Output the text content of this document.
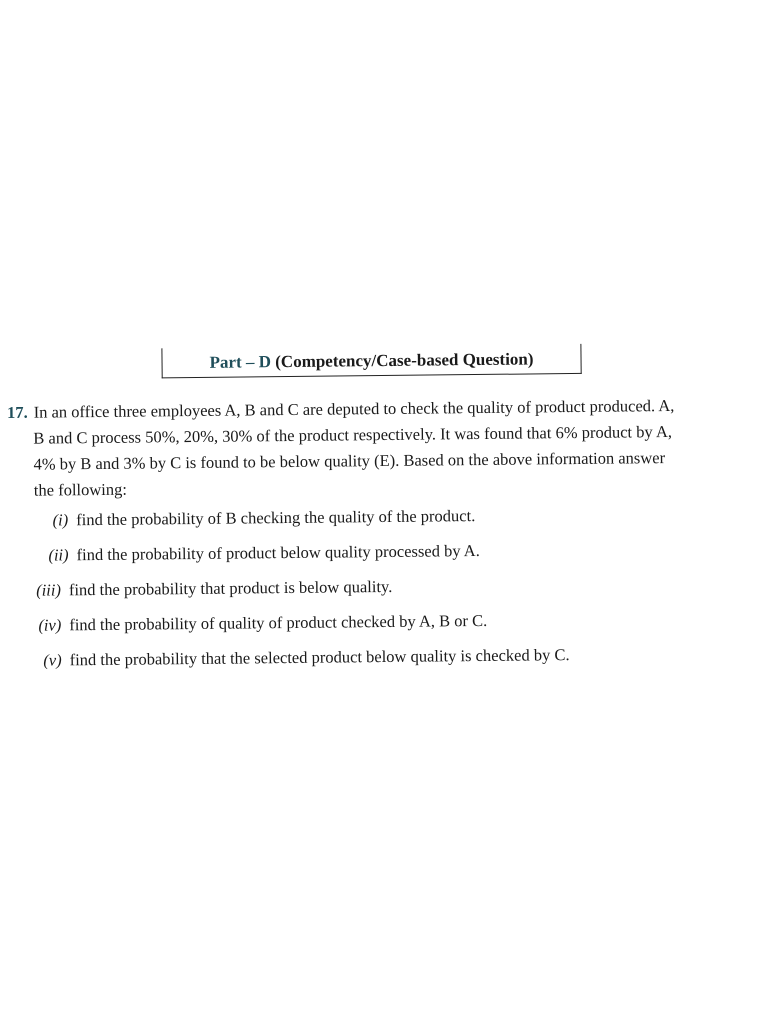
Part – D (Competency/Case-based Question)
17. In an office three employees A, B and C are deputed to check the quality of product produced. A,
B and C process 50%, 20%, 30% of the product respectively. It was found that 6% product by A,
4% by B and 3% by C is found to be below quality (E). Based on the above information answer
the following:
(i) find the probability of B checking the quality of the product.
(ii) find the probability of product below quality processed by A.
(iii) find the probability that product is below quality.
(iv) find the probability of quality of product checked by A, B or C.
(v) find the probability that the selected product below quality is checked by C.
